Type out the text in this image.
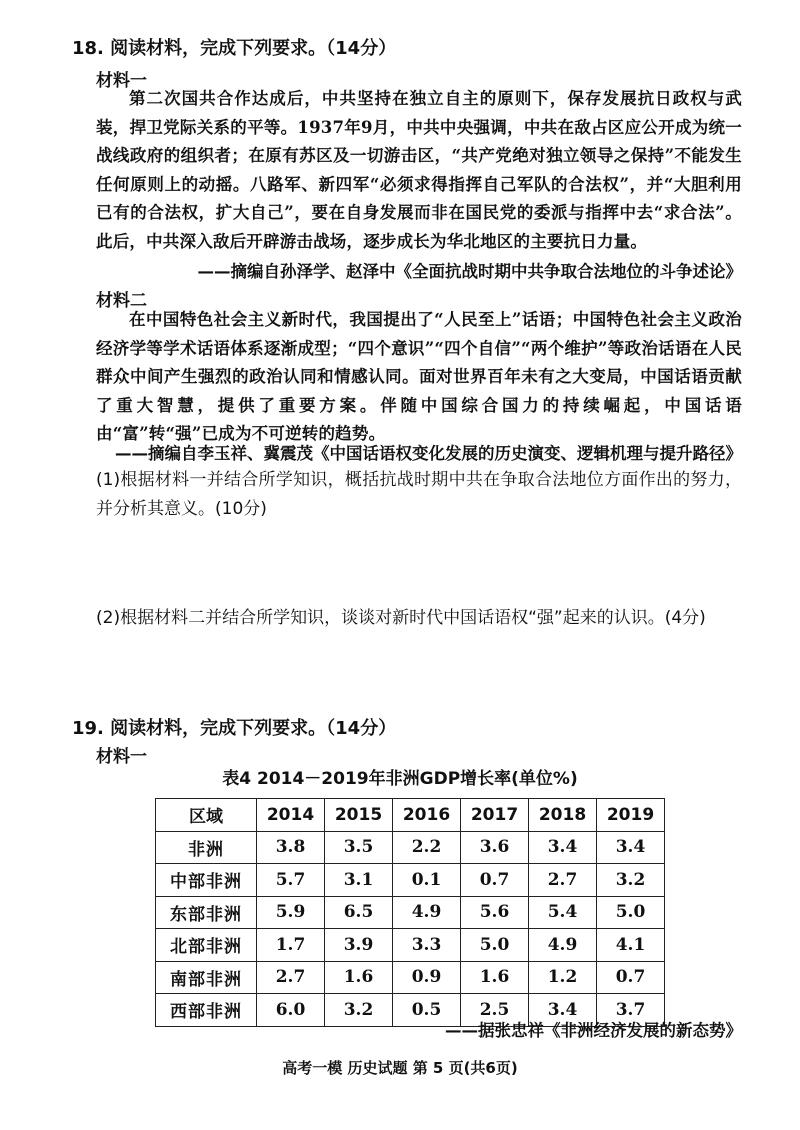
18. 阅读材料，完成下列要求。（14分）
材料一
第二次国共合作达成后，中共坚持在独立自主的原则下，保存发展抗日政权与武装，捍卫党际关系的平等。1937年9月，中共中央强调，中共在敌占区应公开成为统一战线政府的组织者；在原有苏区及一切游击区，“共产党绝对独立领导之保持”不能发生任何原则上的动摇。八路军、新四军“必须求得指挥自己军队的合法权”，并“大胆利用已有的合法权，扩大自己”，要在自身发展而非在国民党的委派与指挥中去“求合法”。此后，中共深入敌后开辟游击战场，逐步成长为华北地区的主要抗日力量。
——摘编自孙泽学、赵泽中《全面抗战时期中共争取合法地位的斗争述论》
材料二
在中国特色社会主义新时代，我国提出了“人民至上”话语；中国特色社会主义政治经济学等学术话语体系逐渐成型；“四个意识”“四个自信”“两个维护”等政治话语在人民群众中间产生强烈的政治认同和情感认同。面对世界百年未有之大变局，中国话语贡献了重大智慧，提供了重要方案。伴随中国综合国力的持续崛起，中国话语由“富”转“强”已成为不可逆转的趋势。
——摘编自李玉祥、冀震茂《中国话语权变化发展的历史演变、逻辑机理与提升路径》
(1)根据材料一并结合所学知识，概括抗战时期中共在争取合法地位方面作出的努力，并分析其意义。(10分)
(2)根据材料二并结合所学知识，谈谈对新时代中国话语权“强”起来的认识。(4分)
19. 阅读材料，完成下列要求。（14分）
材料一
表4 2014－2019年非洲GDP增长率(单位%)
区域	2014	2015	2016	2017	2018	2019
非洲	3.8	3.5	2.2	3.6	3.4	3.4
中部非洲	5.7	3.1	0.1	0.7	2.7	3.2
东部非洲	5.9	6.5	4.9	5.6	5.4	5.0
北部非洲	1.7	3.9	3.3	5.0	4.9	4.1
南部非洲	2.7	1.6	0.9	1.6	1.2	0.7
西部非洲	6.0	3.2	0.5	2.5	3.4	3.7
——据张忠祥《非洲经济发展的新态势》
高考一模 历史试题 第 5 页(共6页)
